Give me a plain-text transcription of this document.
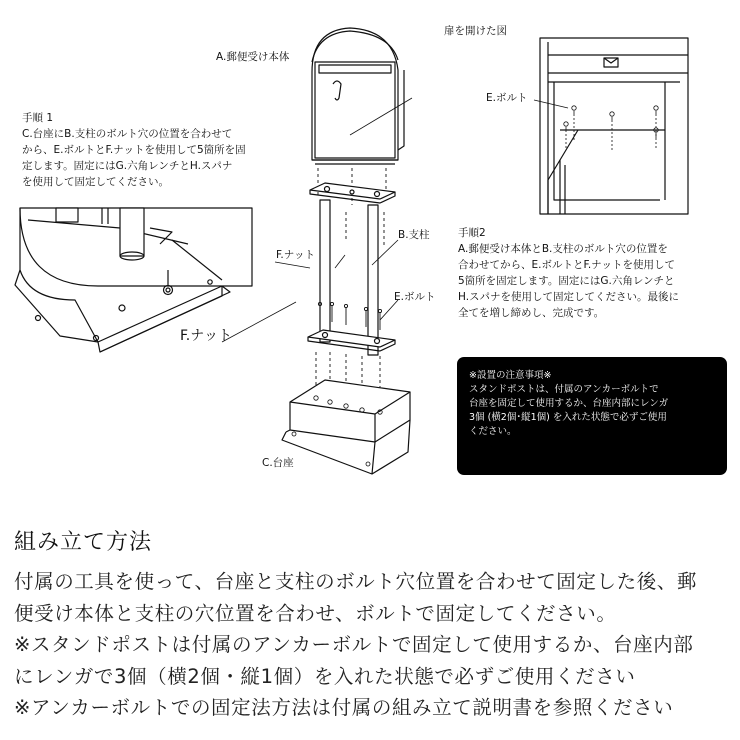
A.郵便受け本体
扉を開けた図
E.ボルト
B.支柱
F.ナット
E.ボルト
C.台座
F.ナット
手順 1
C.台座にB.支柱のボルト穴の位置を合わせて
から、E.ボルトとF.ナットを使用して5箇所を固
定します。固定にはG.六角レンチとH.スパナ
を使用して固定してください。
手順2
A.郵便受け本体とB.支柱のボルト穴の位置を
合わせてから、E.ボルトとF.ナットを使用して
5箇所を固定します。固定にはG.六角レンチと
H.スパナを使用して固定してください。最後に
全てを増し締めし、完成です。
※設置の注意事項※
スタンドポストは、付属のアンカーボルトで
台座を固定して使用するか、台座内部にレンガ
3個 (横2個･縦1個) を入れた状態で必ずご使用
ください。
組み立て方法
付属の工具を使って、台座と支柱のボルト穴位置を合わせて固定した後、郵
便受け本体と支柱の穴位置を合わせ、ボルトで固定してください。
※スタンドポストは付属のアンカーボルトで固定して使用するか、台座内部
にレンガで3個（横2個・縦1個）を入れた状態で必ずご使用ください
※アンカーボルトでの固定法方法は付属の組み立て説明書を参照ください
